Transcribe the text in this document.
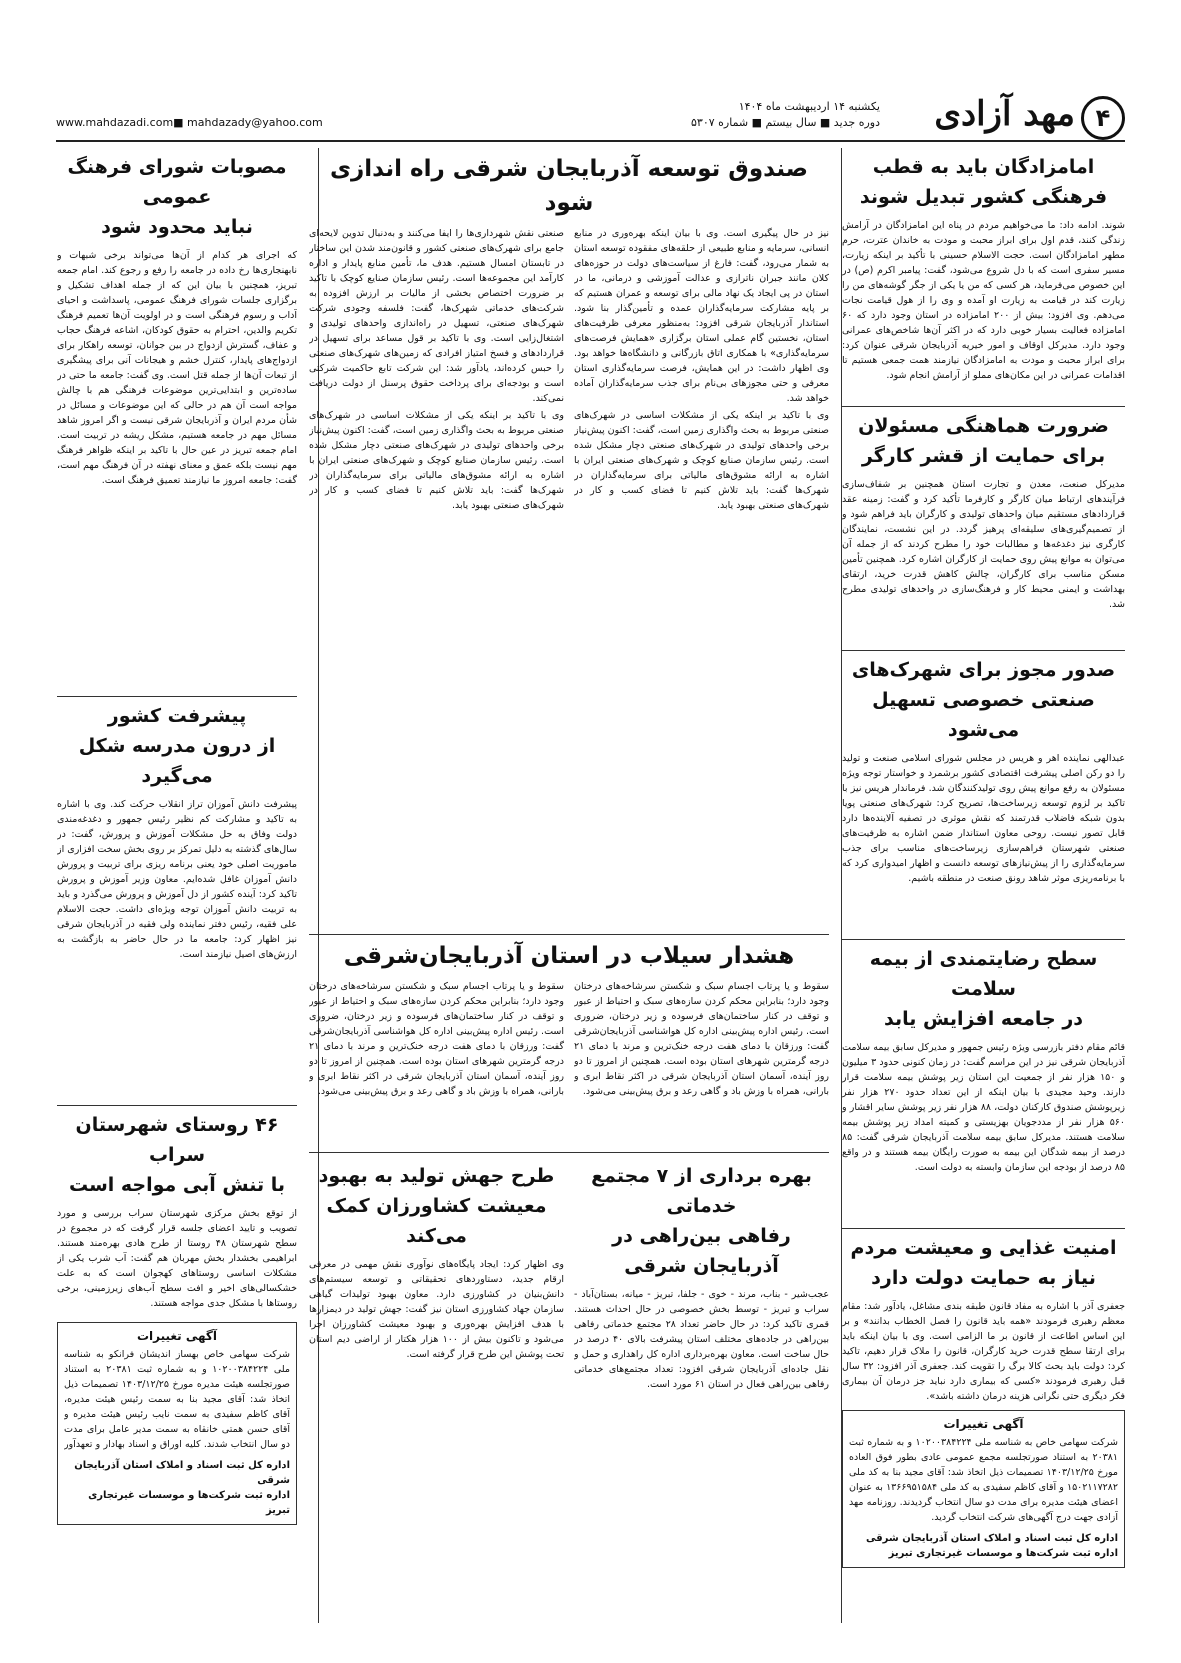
۴
مهد آزادی
یکشنبه ۱۴ اردیبهشت ماه ۱۴۰۴
دوره جدید ■ سال بیستم ■ شماره ۵۳۰۷
www.mahdazadi.com■ mahdazady@yahoo.com
امامزادگان باید به قطب
فرهنگی کشور تبدیل شوند
شوند. ادامه داد: ما می‌خواهیم مردم در پناه این امامزادگان در آرامش زندگی کنند، قدم اول برای ابراز محبت و مودت به خاندان عترت، حرم مطهر امامزادگان است. حجت الاسلام حسینی با تأکید بر اینکه زیارت، مسیر سفری است که با دل شروع می‌شود، گفت: پیامبر اکرم (ص) در این خصوص می‌فرماید، هر کسی که من یا یکی از جگر گوشه‌های من را زیارت کند در قیامت به زیارت او آمده و وی را از هول قیامت نجات می‌دهم. وی افزود: بیش از ۲۰۰ امامزاده در استان وجود دارد که ۶۰ امامزاده فعالیت بسیار خوبی دارد که در اکثر آن‌ها شاخص‌های عمرانی وجود دارد. مدیرکل اوقاف و امور خیریه آذربایجان شرقی عنوان کرد: برای ابراز محبت و مودت به امامزادگان نیازمند همت جمعی هستیم تا اقدامات عمرانی در این مکان‌های مملو از آرامش انجام شود.
ضرورت هماهنگی مسئولان
برای حمایت از قشر کارگر
مدیرکل صنعت، معدن و تجارت استان همچنین بر شفاف‌سازی فرآیندهای ارتباط میان کارگر و کارفرما تأکید کرد و گفت: زمینه عقد قراردادهای مستقیم میان واحدهای تولیدی و کارگران باید فراهم شود و از تصمیم‌گیری‌های سلیقه‌ای پرهیز گردد. در این نشست، نمایندگان کارگری نیز دغدغه‌ها و مطالبات خود را مطرح کردند که از جمله آن می‌توان به موانع پیش روی حمایت از کارگران اشاره کرد. همچنین تأمین مسکن مناسب برای کارگران، چالش کاهش قدرت خرید، ارتقای بهداشت و ایمنی محیط کار و فرهنگ‌سازی در واحدهای تولیدی مطرح شد.
صدور مجوز برای شهرک‌های
صنعتی خصوصی تسهیل می‌شود
عبدالهی نماینده اهر و هریس در مجلس شورای اسلامی صنعت و تولید را دو رکن اصلی پیشرفت اقتصادی کشور برشمرد و خواستار توجه ویژه مسئولان به رفع موانع پیش روی تولیدکنندگان شد. فرماندار هریس نیز با تاکید بر لزوم توسعه زیرساخت‌ها، تصریح کرد: شهرک‌های صنعتی پویا بدون شبکه فاضلاب قدرتمند که نقش موثری در تصفیه آلاینده‌ها دارد قابل تصور نیست. روحی معاون استاندار ضمن اشاره به ظرفیت‌های صنعتی شهرستان فراهم‌سازی زیرساخت‌های مناسب برای جذب سرمایه‌گذاری را از پیش‌نیازهای توسعه دانست و اظهار امیدواری کرد که با برنامه‌ریزی موثر شاهد رونق صنعت در منطقه باشیم.
سطح رضایتمندی از بیمه سلامت
در جامعه افزایش یابد
قائم مقام دفتر بازرسی ویژه رئیس جمهور و مدیرکل سابق بیمه سلامت آذربایجان شرقی نیز در این مراسم گفت: در زمان کنونی حدود ۳ میلیون و ۱۵۰ هزار نفر از جمعیت این استان زیر پوشش بیمه سلامت قرار دارند. وحید مجیدی با بیان اینکه از این تعداد حدود ۲۷۰ هزار نفر زیرپوشش صندوق کارکنان دولت، ۸۸ هزار نفر زیر پوشش سایر اقشار و ۵۶۰ هزار نفر از مددجویان بهزیستی و کمیته امداد زیر پوشش بیمه سلامت هستند. مدیرکل سابق بیمه سلامت آذربایجان شرقی گفت: ۸۵ درصد از بیمه شدگان این بیمه به صورت رایگان بیمه هستند و در واقع ۸۵ درصد از بودجه این سازمان وابسته به دولت است.
امنیت غذایی و معیشت مردم
نیاز به حمایت دولت دارد
جعفری آذر با اشاره به مفاد قانون طبقه بندی مشاغل، یادآور شد: مقام معظم رهبری فرمودند «همه باید قانون را فصل الخطاب بدانند» و بر این اساس اطاعت از قانون بر ما الزامی است. وی با بیان اینکه باید برای ارتقا سطح قدرت خرید کارگران، قانون را ملاک قرار دهیم، تاکید کرد: دولت باید بحث کالا برگ را تقویت کند. جعفری آذر افزود: ۳۲ سال قبل رهبری فرمودند «کسی که بیماری دارد نباید جز درمان آن بیماری فکر دیگری حتی نگرانی هزینه درمان داشته باشد».
آگهی تغییرات
شرکت سهامی خاص به شناسه ملی ۱۰۲۰۰۳۸۴۲۲۴ و به شماره ثبت ۲۰۳۸۱ به استناد صورتجلسه مجمع عمومی عادی بطور فوق العاده مورخ ۱۴۰۳/۱۲/۲۵ تصمیمات ذیل اتخاذ شد: آقای مجید بنا به کد ملی ۱۵۰۲۱۱۷۲۸۲ و آقای کاظم سفیدی به کد ملی ۱۳۶۶۹۵۱۵۸۴ به عنوان اعضای هیئت مدیره برای مدت دو سال انتخاب گردیدند. روزنامه مهد آزادی جهت درج آگهی‌های شرکت انتخاب گردید.
اداره کل ثبت اسناد و املاک استان آذربایجان شرقی
اداره ثبت شرکت‌ها و موسسات غیرتجاری تبریز
صندوق توسعه آذربایجان شرقی راه اندازی شود

نیز در حال پیگیری است. وی با بیان اینکه بهره‌وری در منابع انسانی، سرمایه و منابع طبیعی از حلقه‌های مفقوده توسعه استان به شمار می‌رود، گفت: فارغ از سیاست‌های دولت در حوزه‌های کلان مانند جبران ناترازی و عدالت آموزشی و درمانی، ما در استان در پی ایجاد یک نهاد مالی برای توسعه و عمران هستیم که بر پایه مشارکت سرمایه‌گذاران عمده و تأمین‌گذار بنا شود. استاندار آذربایجان شرقی افزود: به‌منظور معرفی ظرفیت‌های استان، نخستین گام عملی استان برگزاری «همایش فرصت‌های سرمایه‌گذاری» با همکاری اتاق بازرگانی و دانشگاه‌ها خواهد بود. وی اظهار داشت: در این همایش، فرصت سرمایه‌گذاری استان معرفی و حتی مجوزهای بی‌نام برای جذب سرمایه‌گذاران آماده خواهد شد.

وی با تاکید بر اینکه یکی از مشکلات اساسی در شهرک‌های صنعتی مربوط به بحث واگذاری زمین است، گفت: اکنون پیش‌نیاز برخی واحدهای تولیدی در شهرک‌های صنعتی دچار مشکل شده است. رئیس سازمان صنایع کوچک و شهرک‌های صنعتی ایران با اشاره به ارائه مشوق‌های مالیاتی برای سرمایه‌گذاران در شهرک‌ها گفت: باید تلاش کنیم تا فضای کسب و کار در شهرک‌های صنعتی بهبود یابد.

صنعتی نقش شهرداری‌ها را ایفا می‌کنند و به‌دنبال تدوین لایحه‌ای جامع برای شهرک‌های صنعتی کشور و قانون‌مند شدن این ساختار در تابستان امسال هستیم. هدف ما، تأمین منابع پایدار و اداره کارآمد این مجموعه‌ها است. رئیس سازمان صنایع کوچک با تاکید بر ضرورت اختصاص بخشی از مالیات بر ارزش افزوده به شرکت‌های خدماتی شهرک‌ها، گفت: فلسفه وجودی شرکت شهرک‌های صنعتی، تسهیل در راه‌اندازی واحدهای تولیدی و اشتغال‌زایی است. وی با تاکید بر قول مساعد برای تسهیل در قراردادهای و فسخ امتیاز افرادی که زمین‌های شهرک‌های صنعتی را حبس کرده‌اند، یادآور شد: این شرکت تابع حاکمیت شرکتی است و بودجه‌ای برای پرداخت حقوق پرسنل از دولت دریافت نمی‌کند.

وی با تاکید بر اینکه یکی از مشکلات اساسی در شهرک‌های صنعتی مربوط به بحث واگذاری زمین است، گفت: اکنون پیش‌نیاز برخی واحدهای تولیدی در شهرک‌های صنعتی دچار مشکل شده است. رئیس سازمان صنایع کوچک و شهرک‌های صنعتی ایران با اشاره به ارائه مشوق‌های مالیاتی برای سرمایه‌گذاران در شهرک‌ها گفت: باید تلاش کنیم تا فضای کسب و کار در شهرک‌های صنعتی بهبود یابد.

هشدار سیلاب در استان آذربایجان‌شرقی
سقوط و یا پرتاب اجسام سبک و شکستن سرشاخه‌های درختان وجود دارد؛ بنابراین محکم کردن سازه‌های سبک و احتیاط از عبور و توقف در کنار ساختمان‌های فرسوده و زیر درختان، ضروری است. رئیس اداره پیش‌بینی اداره کل هواشناسی آذربایجان‌شرقی گفت: ورزقان با دمای هفت درجه خنک‌ترین و مرند با دمای ۲۱ درجه گرمترین شهرهای استان بوده است. همچنین از امروز تا دو روز آینده، آسمان استان آذربایجان شرقی در اکثر نقاط ابری و بارانی، همراه با وزش باد و گاهی رعد و برق پیش‌بینی می‌شود.
سقوط و یا پرتاب اجسام سبک و شکستن سرشاخه‌های درختان وجود دارد؛ بنابراین محکم کردن سازه‌های سبک و احتیاط از عبور و توقف در کنار ساختمان‌های فرسوده و زیر درختان، ضروری است. رئیس اداره پیش‌بینی اداره کل هواشناسی آذربایجان‌شرقی گفت: ورزقان با دمای هفت درجه خنک‌ترین و مرند با دمای ۲۱ درجه گرمترین شهرهای استان بوده است. همچنین از امروز تا دو روز آینده، آسمان استان آذربایجان شرقی در اکثر نقاط ابری و بارانی، همراه با وزش باد و گاهی رعد و برق پیش‌بینی می‌شود.
بهره برداری از ۷ مجتمع خدماتی
رفاهی بین‌راهی در آذربایجان شرقی
عجب‌شیر - بناب، مرند - خوی - جلفا، تبریز - میانه، بستان‌آباد - سراب و تبریز - توسط بخش خصوصی در حال احداث هستند. قمری تاکید کرد: در حال حاضر تعداد ۲۸ مجتمع خدماتی رفاهی بین‌راهی در جاده‌های مختلف استان پیشرفت بالای ۴۰ درصد در حال ساخت است. معاون بهره‌برداری اداره کل راهداری و حمل و نقل جاده‌ای آذربایجان شرقی افزود: تعداد مجتمع‌های خدماتی رفاهی بین‌راهی فعال در استان ۶۱ مورد است.
طرح جهش تولید به بهبود
معیشت کشاورزان کمک می‌کند
وی اظهار کرد: ایجاد پایگاه‌های نوآوری نقش مهمی در معرفی ارقام جدید، دستاوردهای تحقیقاتی و توسعه سیستم‌های دانش‌بنیان در کشاورزی دارد. معاون بهبود تولیدات گیاهی سازمان جهاد کشاورزی استان نیز گفت: جهش تولید در دیمزارها با هدف افزایش بهره‌وری و بهبود معیشت کشاورزان اجرا می‌شود و تاکنون بیش از ۱۰۰ هزار هکتار از اراضی دیم استان تحت پوشش این طرح قرار گرفته است.
مصوبات شورای فرهنگ عمومی
نباید محدود شود
که اجرای هر کدام از آن‌ها می‌تواند برخی شبهات و نابهنجاری‌ها رخ داده در جامعه را رفع و رجوع کند. امام جمعه تبریز، همچنین با بیان این که از جمله اهداف تشکیل و برگزاری جلسات شورای فرهنگ عمومی، پاسداشت و احیای آداب و رسوم فرهنگی است و در اولویت آن‌ها تعمیم فرهنگ تکریم والدین، احترام به حقوق کودکان، اشاعه فرهنگ حجاب و عفاف، گسترش ازدواج در بین جوانان، توسعه راهکار برای ازدواج‌های پایدار، کنترل خشم و هیجانات آنی برای پیشگیری از تبعات آن‌ها از جمله قتل است. وی گفت: جامعه ما حتی در ساده‌ترین و ابتدایی‌ترین موضوعات فرهنگی هم با چالش مواجه است آن هم در حالی که این موضوعات و مسائل در شأن مردم ایران و آذربایجان شرقی نیست و اگر امروز شاهد مسائل مهم در جامعه هستیم، مشکل ریشه در تربیت است. امام جمعه تبریز در عین حال با تاکید بر اینکه ظواهر فرهنگ مهم نیست بلکه عمق و معنای نهفته در آن فرهنگ مهم است، گفت: جامعه امروز ما نیازمند تعمیق فرهنگ است.
پیشرفت کشور
از درون مدرسه شکل می‌گیرد
پیشرفت دانش آموزان تراز انقلاب حرکت کند. وی با اشاره به تاکید و مشارکت کم نظیر رئیس جمهور و دغدغه‌مندی دولت وفاق به حل مشکلات آموزش و پرورش، گفت: در سال‌های گذشته به دلیل تمرکز بر روی بخش سخت افزاری از ماموریت اصلی خود یعنی برنامه ریزی برای تربیت و پرورش دانش آموزان غافل شده‌ایم. معاون وزیر آموزش و پرورش تاکید کرد: آینده کشور از دل آموزش و پرورش می‌گذرد و باید به تربیت دانش آموزان توجه ویژه‌ای داشت. حجت الاسلام علی فقیه، رئیس دفتر نماینده ولی فقیه در آذربایجان شرقی نیز اظهار کرد: جامعه ما در حال حاضر به بازگشت به ارزش‌های اصیل نیازمند است.
۴۶ روستای شهرستان سراب
با تنش آبی مواجه است
از توقع بخش مرکزی شهرستان سراب بررسی و مورد تصویب و تایید اعضای جلسه قرار گرفت که در مجموع در سطح شهرستان ۴۸ روستا از طرح هادی بهره‌مند هستند. ابراهیمی بخشدار بخش مهربان هم گفت: آب شرب یکی از مشکلات اساسی روستاهای کهجوان است که به علت خشکسالی‌های اخیر و افت سطح آب‌های زیرزمینی، برخی روستاها با مشکل جدی مواجه هستند.
آگهی تغییرات
شرکت سهامی خاص بهساز اندیشان فرانکو به شناسه ملی ۱۰۲۰۰۳۸۴۲۲۴ و به شماره ثبت ۲۰۳۸۱ به استناد صورتجلسه هیئت مدیره مورخ ۱۴۰۳/۱۲/۲۵ تصمیمات ذیل اتخاذ شد: آقای مجید بنا به سمت رئیس هیئت مدیره، آقای کاظم سفیدی به سمت نایب رئیس هیئت مدیره و آقای حسن همتی خانقاه به سمت مدیر عامل برای مدت دو سال انتخاب شدند. کلیه اوراق و اسناد بهادار و تعهدآور
اداره کل ثبت اسناد و املاک استان آذربایجان شرقی
اداره ثبت شرکت‌ها و موسسات غیرتجاری تبریز
